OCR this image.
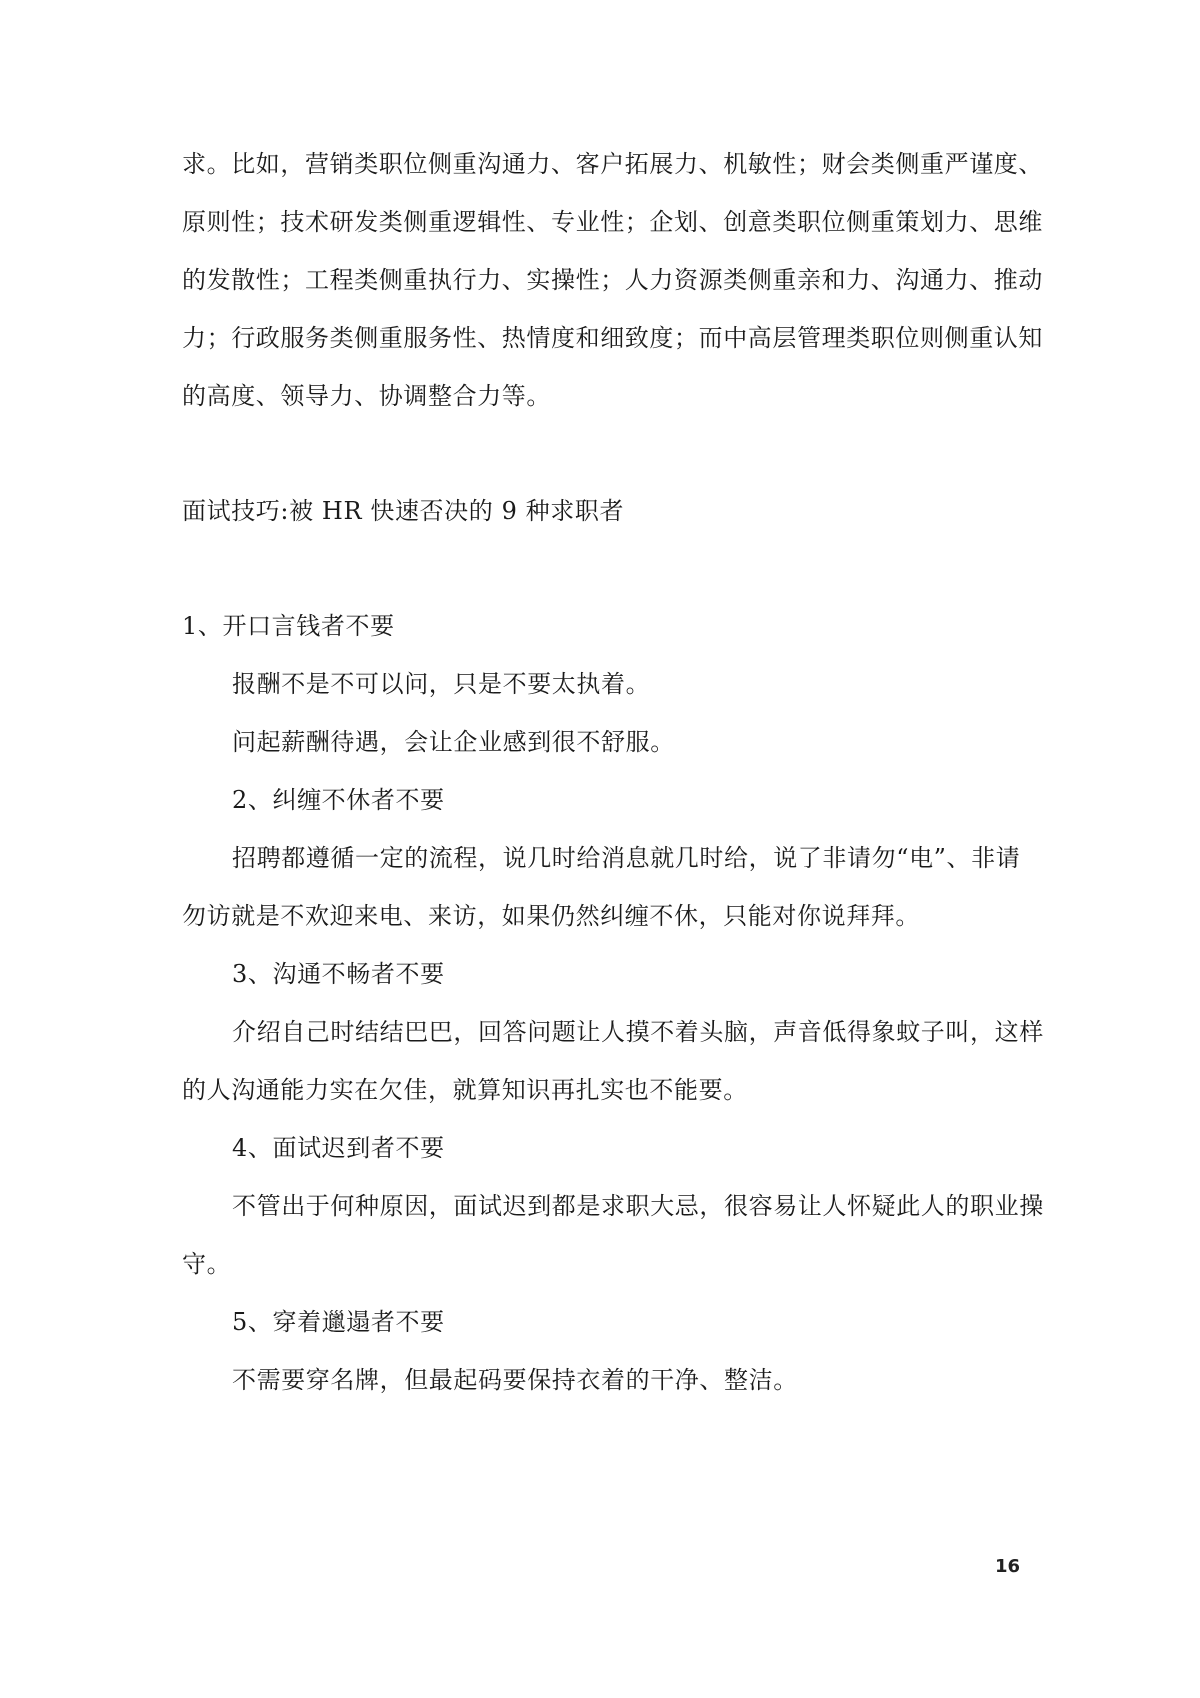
求。比如，营销类职位侧重沟通力、客户拓展力、机敏性；财会类侧重严谨度、
原则性；技术研发类侧重逻辑性、专业性；企划、创意类职位侧重策划力、思维
的发散性；工程类侧重执行力、实操性；人力资源类侧重亲和力、沟通力、推动
力；行政服务类侧重服务性、热情度和细致度；而中高层管理类职位则侧重认知
的高度、领导力、协调整合力等。
面试技巧:被 HR 快速否决的 9 种求职者
1、开口言钱者不要
报酬不是不可以问，只是不要太执着。
问起薪酬待遇，会让企业感到很不舒服。
2、纠缠不休者不要
招聘都遵循一定的流程，说几时给消息就几时给，说了非请勿“电”、非请
勿访就是不欢迎来电、来访，如果仍然纠缠不休，只能对你说拜拜。
3、沟通不畅者不要
介绍自己时结结巴巴，回答问题让人摸不着头脑，声音低得象蚊子叫，这样
的人沟通能力实在欠佳，就算知识再扎实也不能要。
4、面试迟到者不要
不管出于何种原因，面试迟到都是求职大忌，很容易让人怀疑此人的职业操
守。
5、穿着邋遢者不要
不需要穿名牌，但最起码要保持衣着的干净、整洁。
16
